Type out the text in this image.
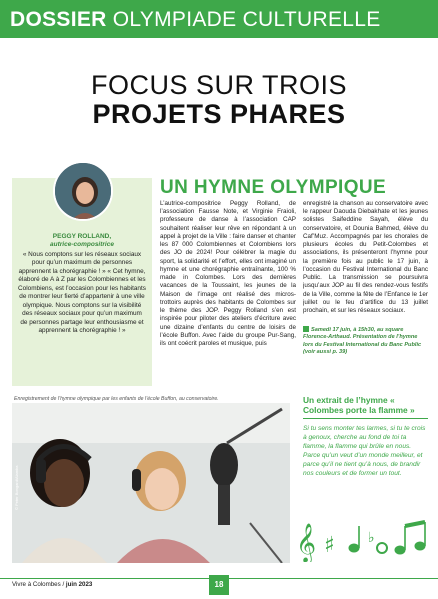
DOSSIER OLYMPIADE CULTURELLE
FOCUS SUR TROIS
PROJETS PHARES
PEGGY ROLLAND,
autrice-compositrice
« Nous comptons sur les réseaux sociaux pour qu’un maximum de personnes apprennent la chorégraphie ! » « Cet hymne, élaboré de A à Z par les Colombiennes et les Colombiens, est l’occasion pour les habitants de montrer leur fierté d’appartenir à une ville olympique. Nous comptons sur la visibilité des réseaux sociaux pour qu’un maximum de personnes partage leur enthousiasme et apprennent la chorégraphie ! »
UN HYMNE OLYMPIQUE
L’autrice-compositrice Peggy Rolland, de l’association Fausse Note, et Virginie Fraioli, professeure de danse à l’association CAP souhaitent réaliser leur rêve en répondant à un appel à projet de la Ville : faire danser et chanter les 87 000 Colombiennes et Colombiens lors des JO de 2024! Pour célébrer la magie du sport, la solidarité et l’effort, elles ont imaginé un hymne et une chorégraphie entraînante, 100 % made in Colombes. Lors des dernières vacances de la Toussaint, les jeunes de la Maison de l’image ont réalisé des micros-trottoirs auprès des habitants de Colombes sur le thème des JOP. Peggy Rolland s’en est inspirée pour piloter des ateliers d’écriture avec une dizaine d’enfants du centre de loisirs de l’école Buffon. Avec l’aide du groupe Pur-Sang, ils ont coécrit paroles et musique, puis
enregistré la chanson au conservatoire avec le rappeur Daouda Diebakhate et les jeunes solistes Saifeddine Sayah, élève du conservatoire, et Dounia Bahmed, élève du Caf’Muz. Accompagnés par les chorales de plusieurs écoles du Petit-Colombes et associations, ils présenteront l’hymne pour la première fois au public le 17 juin, à l’occasion du Festival International du Banc Public. La transmission se poursuivra jusqu’aux JOP au fil des rendez-vous festifs de la Ville, comme la fête de l’Enfance le 1er juillet ou le feu d’artifice du 13 juillet prochain, et sur les réseaux sociaux.
Samedi 17 juin, à 15h30, au square Florence-Arthaud. Présentation de l’hymne lors du Festival International du Banc Public (voir aussi p. 39)
Enregistrement de l’hymne olympique par les enfants de l’école Buffon, au conservatoire.
© Peter Bongard/Alamba
Un extrait de l’hymne « Colombes porte la flamme »
Si tu sens monter tes larmes, si tu te crois à genoux, cherche au fond de toi ta flamme, la flamme qui brûle en nous. Parce qu’un veut d’un monde meilleur, et parce qu’il ne tient qu’à nous, de brandir nos couleurs et de former un tout.
𝄞 ♯ ♭
Vivre à Colombes / juin 2023	18
